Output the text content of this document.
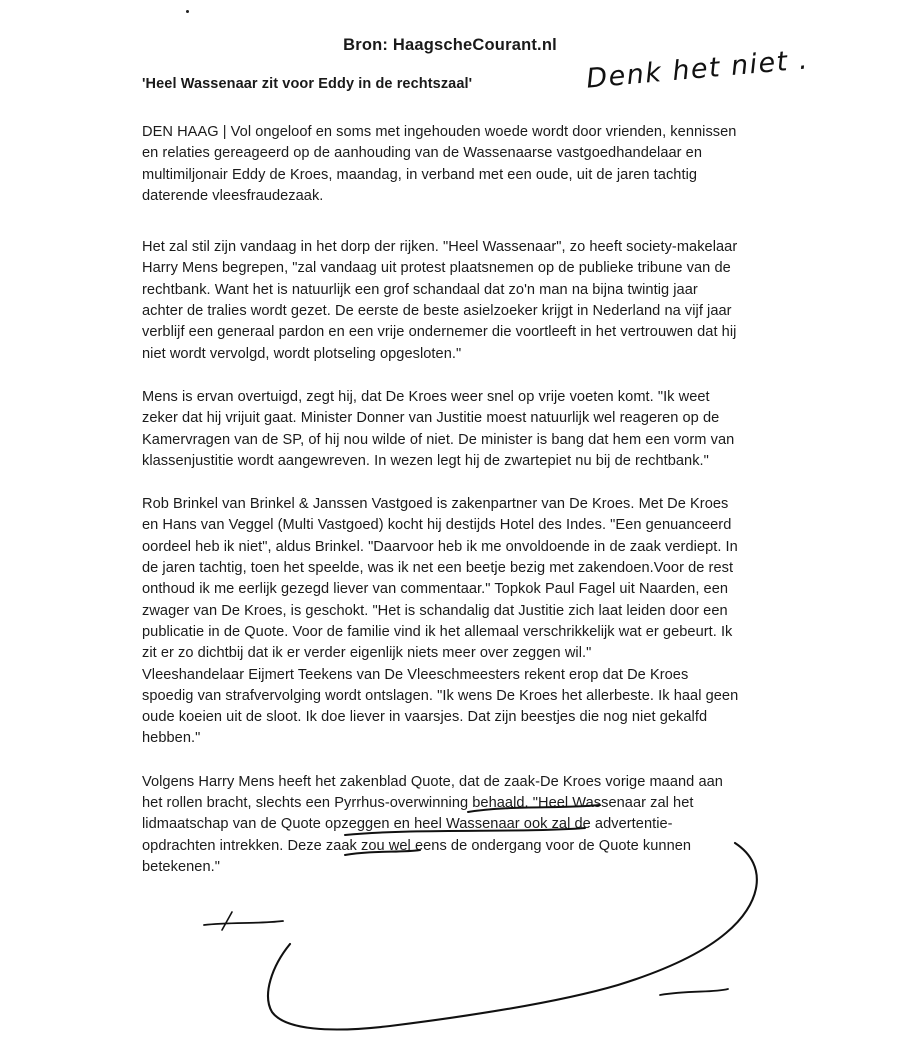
Bron: HaagscheCourant.nl
'Heel Wassenaar zit voor Eddy in de rechtszaal'

DEN HAAG | Vol ongeloof en soms met ingehouden woede wordt door vrienden, kennissen en relaties gereageerd op de aanhouding van de Wassenaarse vastgoedhandelaar en multimiljonair Eddy de Kroes, maandag, in verband met een oude, uit de jaren tachtig daterende vleesfraudezaak.

Het zal stil zijn vandaag in het dorp der rijken. "Heel Wassenaar", zo heeft society-makelaar Harry Mens begrepen, "zal vandaag uit protest plaatsnemen op de publieke tribune van de rechtbank. Want het is natuurlijk een grof schandaal dat zo'n man na bijna twintig jaar achter de tralies wordt gezet. De eerste de beste asielzoeker krijgt in Nederland na vijf jaar verblijf een generaal pardon en een vrije ondernemer die voortleeft in het vertrouwen dat hij niet wordt vervolgd, wordt plotseling opgesloten."

Mens is ervan overtuigd, zegt hij, dat De Kroes weer snel op vrije voeten komt. "Ik weet zeker dat hij vrijuit gaat. Minister Donner van Justitie moest natuurlijk wel reageren op de Kamervragen van de SP, of hij nou wilde of niet. De minister is bang dat hem een vorm van klassenjustitie wordt aangewreven. In wezen legt hij de zwartepiet nu bij de rechtbank."

Rob Brinkel van Brinkel & Janssen Vastgoed is zakenpartner van De Kroes. Met De Kroes en Hans van Veggel (Multi Vastgoed) kocht hij destijds Hotel des Indes. "Een genuanceerd oordeel heb ik niet", aldus Brinkel. "Daarvoor heb ik me onvoldoende in de zaak verdiept. In de jaren tachtig, toen het speelde, was ik net een beetje bezig met zakendoen.Voor de rest onthoud ik me eerlijk gezegd liever van commentaar." Topkok Paul Fagel uit Naarden, een zwager van De Kroes, is geschokt. "Het is schandalig dat Justitie zich laat leiden door een publicatie in de Quote. Voor de familie vind ik het allemaal verschrikkelijk wat er gebeurt. Ik zit er zo dichtbij dat ik er verder eigenlijk niets meer over zeggen wil."

Vleeshandelaar Eijmert Teekens van De Vleeschmeesters rekent erop dat De Kroes spoedig van strafvervolging wordt ontslagen. "Ik wens De Kroes het allerbeste. Ik haal geen oude koeien uit de sloot. Ik doe liever in vaarsjes. Dat zijn beestjes die nog niet gekalfd hebben."

Volgens Harry Mens heeft het zakenblad Quote, dat de zaak-De Kroes vorige maand aan het rollen bracht, slechts een Pyrrhus-overwinning behaald. "Heel Wassenaar zal het lidmaatschap van de Quote opzeggen en heel Wassenaar ook zal de advertentie-opdrachten intrekken. Deze zaak zou wel eens de ondergang voor de Quote kunnen betekenen."

Denk het niet .
